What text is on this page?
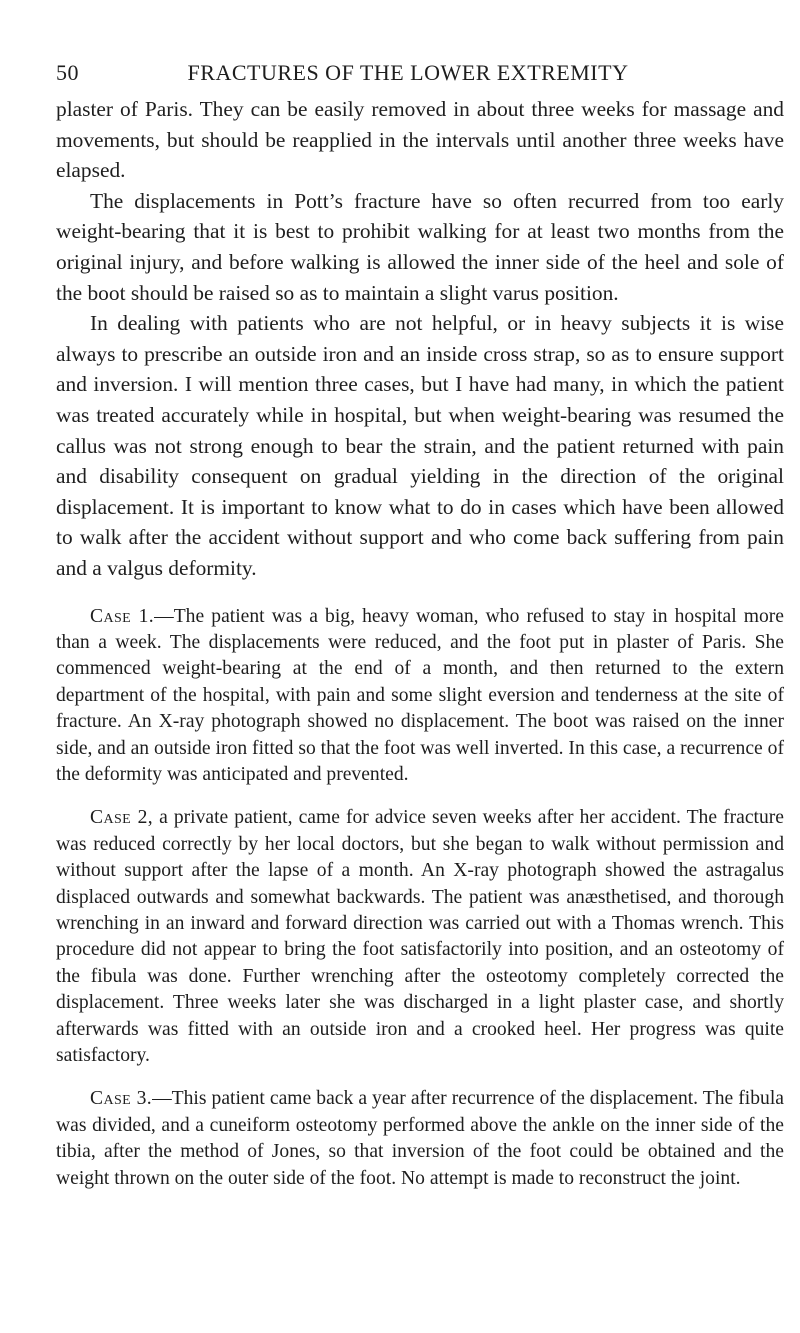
50	FRACTURES OF THE LOWER EXTREMITY

plaster of Paris. They can be easily removed in about three weeks for massage and movements, but should be reapplied in the intervals until another three weeks have elapsed.

The displacements in Pott’s fracture have so often recurred from too early weight-bearing that it is best to prohibit walking for at least two months from the original injury, and before walking is allowed the inner side of the heel and sole of the boot should be raised so as to maintain a slight varus position.

In dealing with patients who are not helpful, or in heavy subjects it is wise always to prescribe an outside iron and an inside cross strap, so as to ensure support and inversion. I will mention three cases, but I have had many, in which the patient was treated accurately while in hospital, but when weight-bearing was resumed the callus was not strong enough to bear the strain, and the patient returned with pain and disability consequent on gradual yielding in the direction of the original displacement. It is important to know what to do in cases which have been allowed to walk after the accident without support and who come back suffering from pain and a valgus deformity.

Case 1.—The patient was a big, heavy woman, who refused to stay in hospital more than a week. The displacements were reduced, and the foot put in plaster of Paris. She commenced weight-bearing at the end of a month, and then returned to the extern department of the hospital, with pain and some slight eversion and tenderness at the site of fracture. An X-ray photograph showed no displacement. The boot was raised on the inner side, and an outside iron fitted so that the foot was well inverted. In this case, a recurrence of the deformity was anticipated and prevented.

Case 2, a private patient, came for advice seven weeks after her accident. The fracture was reduced correctly by her local doctors, but she began to walk without permission and without support after the lapse of a month. An X-ray photograph showed the astragalus displaced outwards and somewhat backwards. The patient was anæsthetised, and thorough wrenching in an inward and forward direction was carried out with a Thomas wrench. This procedure did not appear to bring the foot satisfactorily into position, and an osteotomy of the fibula was done. Further wrenching after the osteotomy completely corrected the displacement. Three weeks later she was discharged in a light plaster case, and shortly afterwards was fitted with an outside iron and a crooked heel. Her progress was quite satisfactory.

Case 3.—This patient came back a year after recurrence of the displacement. The fibula was divided, and a cuneiform osteotomy performed above the ankle on the inner side of the tibia, after the method of Jones, so that inversion of the foot could be obtained and the weight thrown on the outer side of the foot. No attempt is made to reconstruct the joint.
